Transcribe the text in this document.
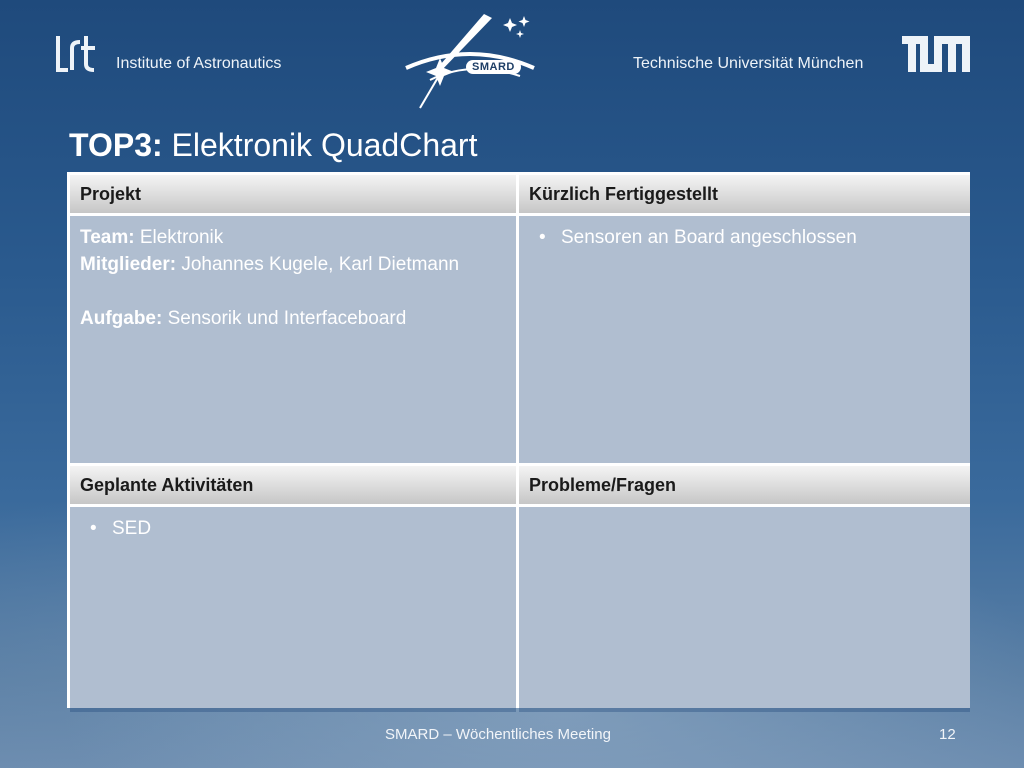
Institute of Astronautics	SMARD	Technische Universität München
TOP3: Elektronik QuadChart
Projekt	Kürzlich Fertiggestellt
Team: Elektronik
Mitglieder: Johannes Kugele, Karl Dietmann
Aufgabe: Sensorik und Interfaceboard
• Sensoren an Board angeschlossen
Geplante Aktivitäten	Probleme/Fragen
• SED
SMARD – Wöchentliches Meeting	12
